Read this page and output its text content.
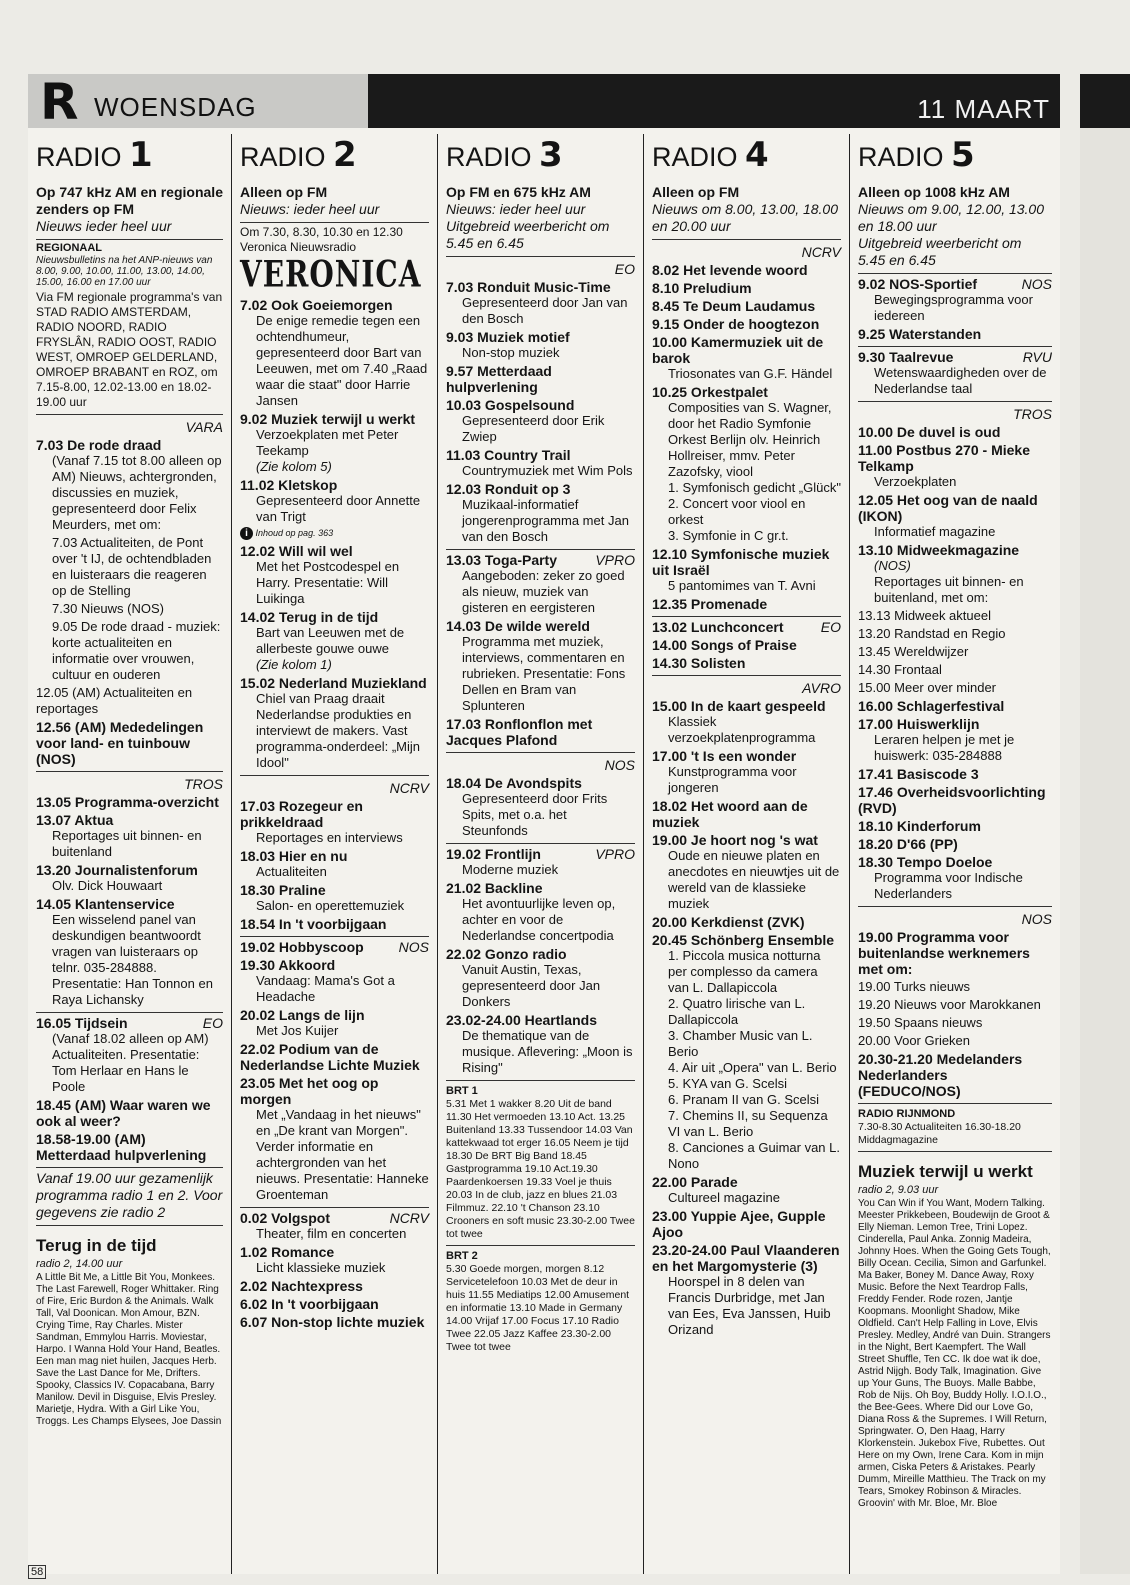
R WOENSDAG	11 MAART
RADIO 1
Op 747 kHz AM en regionale zenders op FM
Nieuws ieder heel uur
REGIONAAL
Nieuwsbulletins na het ANP-nieuws van 8.00, 9.00, 10.00, 11.00, 13.00, 14.00, 15.00, 16.00 en 17.00 uur
Via FM regionale programma's van STAD RADIO AMSTERDAM, RADIO NOORD, RADIO FRYSLÂN, RADIO OOST, RADIO WEST, OMROEP GELDERLAND, OMROEP BRABANT en ROZ, om 7.15-8.00, 12.02-13.00 en 18.02-19.00 uur
VARA
7.03 De rode draad
(Vanaf 7.15 tot 8.00 alleen op AM) Nieuws, achtergronden, discussies en muziek, gepresenteerd door Felix Meurders, met om:
7.03 Actualiteiten, de Pont over 't IJ, de ochtendbladen en luisteraars die reageren op de Stelling
7.30 Nieuws (NOS)
9.05 De rode draad - muziek: korte actualiteiten en informatie over vrouwen, cultuur en ouderen
12.05 (AM) Actualiteiten en reportages
12.56 (AM) Mededelingen voor land- en tuinbouw (NOS)
TROS
13.05 Programma-overzicht
13.07 Aktua
Reportages uit binnen- en buitenland
13.20 Journalistenforum
Olv. Dick Houwaart
14.05 Klantenservice
Een wisselend panel van deskundigen beantwoordt vragen van luisteraars op telnr. 035-284888. Presentatie: Han Tonnon en Raya Lichansky
16.05 Tijdsein	EO
(Vanaf 18.02 alleen op AM) Actualiteiten. Presentatie: Tom Herlaar en Hans le Poole
18.45 (AM) Waar waren we ook al weer?
18.58-19.00 (AM) Metterdaad hulpverlening
Vanaf 19.00 uur gezamenlijk programma radio 1 en 2. Voor gegevens zie radio 2
Terug in de tijd
radio 2, 14.00 uur
A Little Bit Me, a Little Bit You, Monkees. The Last Farewell, Roger Whittaker. Ring of Fire, Eric Burdon & the Animals. Walk Tall, Val Doonican. Mon Amour, BZN. Crying Time, Ray Charles. Mister Sandman, Emmylou Harris. Moviestar, Harpo. I Wanna Hold Your Hand, Beatles. Een man mag niet huilen, Jacques Herb. Save the Last Dance for Me, Drifters. Spooky, Classics IV. Copacabana, Barry Manilow. Devil in Disguise, Elvis Presley. Marietje, Hydra. With a Girl Like You, Troggs. Les Champs Elysees, Joe Dassin
RADIO 2
Alleen op FM
Nieuws: ieder heel uur
Om 7.30, 8.30, 10.30 en 12.30 Veronica Nieuwsradio
VERONICA
7.02 Ook Goeiemorgen
De enige remedie tegen een ochtendhumeur, gepresenteerd door Bart van Leeuwen, met om 7.40 „Raad waar die staat" door Harrie Jansen
9.02 Muziek terwijl u werkt
Verzoekplaten met Peter Teekamp
(Zie kolom 5)
11.02 Kletskop
Gepresenteerd door Annette van Trigt
i Inhoud op pag. 363
12.02 Will wil wel
Met het Postcodespel en Harry. Presentatie: Will Luikinga
14.02 Terug in de tijd
Bart van Leeuwen met de allerbeste gouwe ouwe
(Zie kolom 1)
15.02 Nederland Muziekland
Chiel van Praag draait Nederlandse produkties en interviewt de makers. Vast programma-onderdeel: „Mijn Idool"
NCRV
17.03 Rozegeur en prikkeldraad
Reportages en interviews
18.03 Hier en nu
Actualiteiten
18.30 Praline
Salon- en operettemuziek
18.54 In 't voorbijgaan
19.02 Hobbyscoop NOS
19.30 Akkoord
Vandaag: Mama's Got a Headache
20.02 Langs de lijn
Met Jos Kuijer
22.02 Podium van de Nederlandse Lichte Muziek
23.05 Met het oog op morgen
Met „Vandaag in het nieuws" en „De krant van Morgen". Verder informatie en achtergronden van het nieuws. Presentatie: Hanneke Groenteman
0.02 Volgspot	NCRV
Theater, film en concerten
1.02 Romance
Licht klassieke muziek
2.02 Nachtexpress
6.02 In 't voorbijgaan
6.07 Non-stop lichte muziek
RADIO 3
Op FM en 675 kHz AM
Nieuws: ieder heel uur
Uitgebreid weerbericht om 5.45 en 6.45
EO
7.03 Ronduit Music-Time
Gepresenteerd door Jan van den Bosch
9.03 Muziek motief
Non-stop muziek
9.57 Metterdaad hulpverlening
10.03 Gospelsound
Gepresenteerd door Erik Zwiep
11.03 Country Trail
Countrymuziek met Wim Pols
12.03 Ronduit op 3
Muzikaal-informatief jongerenprogramma met Jan van den Bosch
13.03 Toga-Party	VPRO
Aangeboden: zeker zo goed als nieuw, muziek van gisteren en eergisteren
14.03 De wilde wereld
Programma met muziek, interviews, commentaren en rubrieken. Presentatie: Fons Dellen en Bram van Splunteren
17.03 Ronflonflon met Jacques Plafond
NOS
18.04 De Avondspits
Gepresenteerd door Frits Spits, met o.a. het Steunfonds
19.02 Frontlijn	VPRO
Moderne muziek
21.02 Backline
Het avontuurlijke leven op, achter en voor de Nederlandse concertpodia
22.02 Gonzo radio
Vanuit Austin, Texas, gepresenteerd door Jan Donkers
23.02-24.00 Heartlands
De thematique van de musique. Aflevering: „Moon is Rising"
BRT 1
5.31 Met 1 wakker 8.20 Uit de band 11.30 Het vermoeden 13.10 Act. 13.25 Buitenland 13.33 Tussendoor 14.03 Van kattekwaad tot erger 16.05 Neem je tijd 18.30 De BRT Big Band 18.45 Gastprogramma 19.10 Act.19.30 Paardenkoersen 19.33 Voel je thuis 20.03 In de club, jazz en blues 21.03 Filmmuz. 22.10 't Chanson 23.10 Crooners en soft music 23.30-2.00 Twee tot twee
BRT 2
5.30 Goede morgen, morgen 8.12 Servicetelefoon 10.03 Met de deur in huis 11.55 Mediatips 12.00 Amusement en informatie 13.10 Made in Germany 14.00 Vrijaf 17.00 Focus 17.10 Radio Twee 22.05 Jazz Kaffee 23.30-2.00 Twee tot twee
RADIO 4
Alleen op FM
Nieuws om 8.00, 13.00, 18.00 en 20.00 uur
NCRV
8.02 Het levende woord
8.10 Preludium
8.45 Te Deum Laudamus
9.15 Onder de hoogtezon
10.00 Kamermuziek uit de barok
Triosonates van G.F. Händel
10.25 Orkestpalet
Composities van S. Wagner, door het Radio Symfonie Orkest Berlijn olv. Heinrich Hollreiser, mmv. Peter Zazofsky, viool
1. Symfonisch gedicht „Glück"
2. Concert voor viool en orkest
3. Symfonie in C gr.t.
12.10 Symfonische muziek uit Israël
5 pantomimes van T. Avni
12.35 Promenade
13.02 Lunchconcert	EO
14.00 Songs of Praise
14.30 Solisten
AVRO
15.00 In de kaart gespeeld
Klassiek verzoekplatenprogramma
17.00 't Is een wonder
Kunstprogramma voor jongeren
18.02 Het woord aan de muziek
19.00 Je hoort nog 's wat
Oude en nieuwe platen en anecdotes en nieuwtjes uit de wereld van de klassieke muziek
20.00 Kerkdienst (ZVK)
20.45 Schönberg Ensemble
1. Piccola musica notturna per complesso da camera van L. Dallapiccola
2. Quatro lirische van L. Dallapiccola
3. Chamber Music van L. Berio
4. Air uit „Opera" van L. Berio
5. KYA van G. Scelsi
6. Pranam II van G. Scelsi
7. Chemins II, su Sequenza VI van L. Berio
8. Canciones a Guimar van L. Nono
22.00 Parade
Cultureel magazine
23.00 Yuppie Ajee, Gupple Ajoo
23.20-24.00 Paul Vlaanderen en het Margomysterie (3)
Hoorspel in 8 delen van Francis Durbridge, met Jan van Ees, Eva Janssen, Huib Orizand
RADIO 5
Alleen op 1008 kHz AM
Nieuws om 9.00, 12.00, 13.00 en 18.00 uur
Uitgebreid weerbericht om 5.45 en 6.45
9.02 NOS-Sportief	NOS
Bewegingsprogramma voor iedereen
9.25 Waterstanden
9.30 Taalrevue	RVU
Wetenswaardigheden over de Nederlandse taal
TROS
10.00 De duvel is oud
11.00 Postbus 270 - Mieke Telkamp
Verzoekplaten
12.05 Het oog van de naald (IKON)
Informatief magazine
13.10 Midweekmagazine
(NOS)
Reportages uit binnen- en buitenland, met om:
13.13 Midweek aktueel
13.20 Randstad en Regio
13.45 Wereldwijzer
14.30 Frontaal
15.00 Meer over minder
16.00 Schlagerfestival
17.00 Huiswerklijn
Leraren helpen je met je huiswerk: 035-284888
17.41 Basiscode 3
17.46 Overheidsvoorlichting (RVD)
18.10 Kinderforum
18.20 D'66 (PP)
18.30 Tempo Doeloe
Programma voor Indische Nederlanders
NOS
19.00 Programma voor buitenlandse werknemers met om:
19.00 Turks nieuws
19.20 Nieuws voor Marokkanen
19.50 Spaans nieuws
20.00 Voor Grieken
20.30-21.20 Medelanders Nederlanders (FEDUCO/NOS)
RADIO RIJNMOND
7.30-8.30 Actualiteiten 16.30-18.20 Middagmagazine
Muziek terwijl u werkt
radio 2, 9.03 uur
You Can Win if You Want, Modern Talking. Meester Prikkebeen, Boudewijn de Groot & Elly Nieman. Lemon Tree, Trini Lopez. Cinderella, Paul Anka. Zonnig Madeira, Johnny Hoes. When the Going Gets Tough, Billy Ocean. Cecilia, Simon and Garfunkel. Ma Baker, Boney M. Dance Away, Roxy Music. Before the Next Teardrop Falls, Freddy Fender. Rode rozen, Jantje Koopmans. Moonlight Shadow, Mike Oldfield. Can't Help Falling in Love, Elvis Presley. Medley, André van Duin. Strangers in the Night, Bert Kaempfert. The Wall Street Shuffle, Ten CC. Ik doe wat ik doe, Astrid Nijgh. Body Talk, Imagination. Give up Your Guns, The Buoys. Malle Babbe, Rob de Nijs. Oh Boy, Buddy Holly. I.O.I.O., the Bee-Gees. Where Did our Love Go, Diana Ross & the Supremes. I Will Return, Springwater. O, Den Haag, Harry Klorkenstein. Jukebox Five, Rubettes. Out Here on my Own, Irene Cara. Kom in mijn armen, Ciska Peters & Aristakes. Pearly Dumm, Mireille Matthieu. The Track on my Tears, Smokey Robinson & Miracles. Groovin' with Mr. Bloe, Mr. Bloe
58
